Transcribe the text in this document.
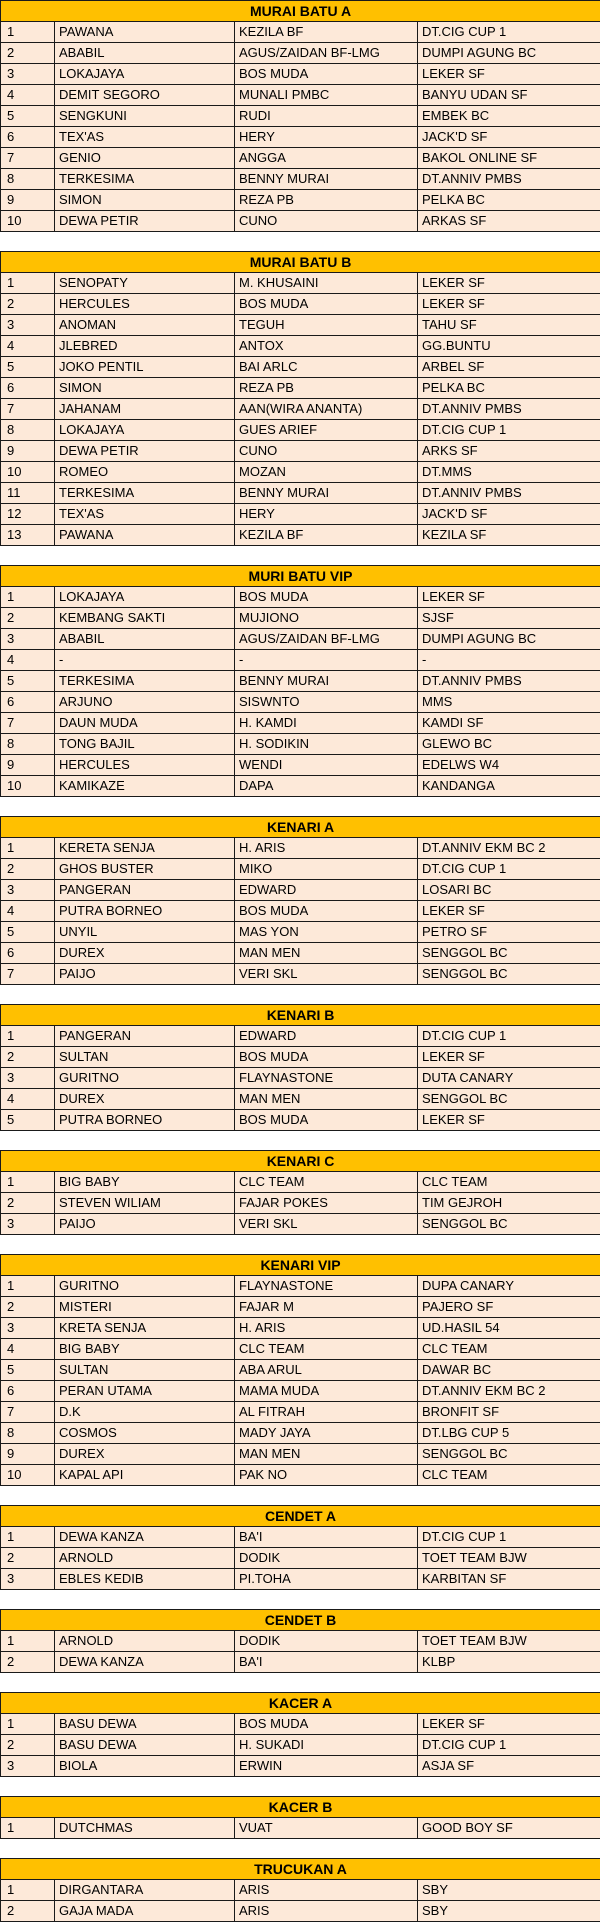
MURAI BATU A			
1	PAWANA	KEZILA BF	DT.CIG CUP 1
2	ABABIL	AGUS/ZAIDAN BF-LMG	DUMPI AGUNG BC
3	LOKAJAYA	BOS MUDA	LEKER SF
4	DEMIT SEGORO	MUNALI PMBC	BANYU UDAN SF
5	SENGKUNI	RUDI	EMBEK BC
6	TEX'AS	HERY	JACK'D SF
7	GENIO	ANGGA	BAKOL ONLINE SF
8	TERKESIMA	BENNY MURAI	DT.ANNIV PMBS
9	SIMON	REZA PB	PELKA BC
10	DEWA PETIR	CUNO	ARKAS SF
MURAI BATU B			
1	SENOPATY	M. KHUSAINI	LEKER SF
2	HERCULES	BOS MUDA	LEKER SF
3	ANOMAN	TEGUH	TAHU SF
4	JLEBRED	ANTOX	GG.BUNTU
5	JOKO PENTIL	BAI ARLC	ARBEL SF
6	SIMON	REZA PB	PELKA BC
7	JAHANAM	AAN(WIRA ANANTA)	DT.ANNIV PMBS
8	LOKAJAYA	GUES ARIEF	DT.CIG CUP 1
9	DEWA PETIR	CUNO	ARKS SF
10	ROMEO	MOZAN	DT.MMS
11	TERKESIMA	BENNY MURAI	DT.ANNIV PMBS
12	TEX'AS	HERY	JACK'D SF
13	PAWANA	KEZILA BF	KEZILA SF
MURI BATU VIP			
1	LOKAJAYA	BOS MUDA	LEKER SF
2	KEMBANG SAKTI	MUJIONO	SJSF
3	ABABIL	AGUS/ZAIDAN BF-LMG	DUMPI AGUNG BC
4	-	-	-
5	TERKESIMA	BENNY MURAI	DT.ANNIV PMBS
6	ARJUNO	SISWNTO	MMS
7	DAUN MUDA	H. KAMDI	KAMDI SF
8	TONG BAJIL	H. SODIKIN	GLEWO BC
9	HERCULES	WENDI	EDELWS W4
10	KAMIKAZE	DAPA	KANDANGA
KENARI A			
1	KERETA SENJA	H. ARIS	DT.ANNIV EKM BC 2
2	GHOS BUSTER	MIKO	DT.CIG CUP 1
3	PANGERAN	EDWARD	LOSARI BC
4	PUTRA BORNEO	BOS MUDA	LEKER SF
5	UNYIL	MAS YON	PETRO SF
6	DUREX	MAN MEN	SENGGOL BC
7	PAIJO	VERI SKL	SENGGOL BC
KENARI B			
1	PANGERAN	EDWARD	DT.CIG CUP 1
2	SULTAN	BOS MUDA	LEKER SF
3	GURITNO	FLAYNASTONE	DUTA CANARY
4	DUREX	MAN MEN	SENGGOL BC
5	PUTRA BORNEO	BOS MUDA	LEKER SF
KENARI C			
1	BIG BABY	CLC TEAM	CLC TEAM
2	STEVEN WILIAM	FAJAR POKES	TIM GEJROH
3	PAIJO	VERI SKL	SENGGOL BC
KENARI VIP			
1	GURITNO	FLAYNASTONE	DUPA CANARY
2	MISTERI	FAJAR M	PAJERO SF
3	KRETA SENJA	H. ARIS	UD.HASIL 54
4	BIG BABY	CLC TEAM	CLC TEAM
5	SULTAN	ABA ARUL	DAWAR BC
6	PERAN UTAMA	MAMA MUDA	DT.ANNIV EKM BC 2
7	D.K	AL FITRAH	BRONFIT SF
8	COSMOS	MADY JAYA	DT.LBG CUP 5
9	DUREX	MAN MEN	SENGGOL BC
10	KAPAL API	PAK NO	CLC TEAM
CENDET A			
1	DEWA KANZA	BA'I	DT.CIG CUP 1
2	ARNOLD	DODIK	TOET TEAM BJW
3	EBLES KEDIB	PI.TOHA	KARBITAN SF
CENDET B			
1	ARNOLD	DODIK	TOET TEAM BJW
2	DEWA KANZA	BA'I	KLBP
KACER A			
1	BASU DEWA	BOS MUDA	LEKER SF
2	BASU DEWA	H. SUKADI	DT.CIG CUP 1
3	BIOLA	ERWIN	ASJA SF
KACER B
1	DUTCHMAS	VUAT	GOOD BOY SF
TRUCUKAN A			
1	DIRGANTARA	ARIS	SBY
2	GAJA MADA	ARIS	SBY
